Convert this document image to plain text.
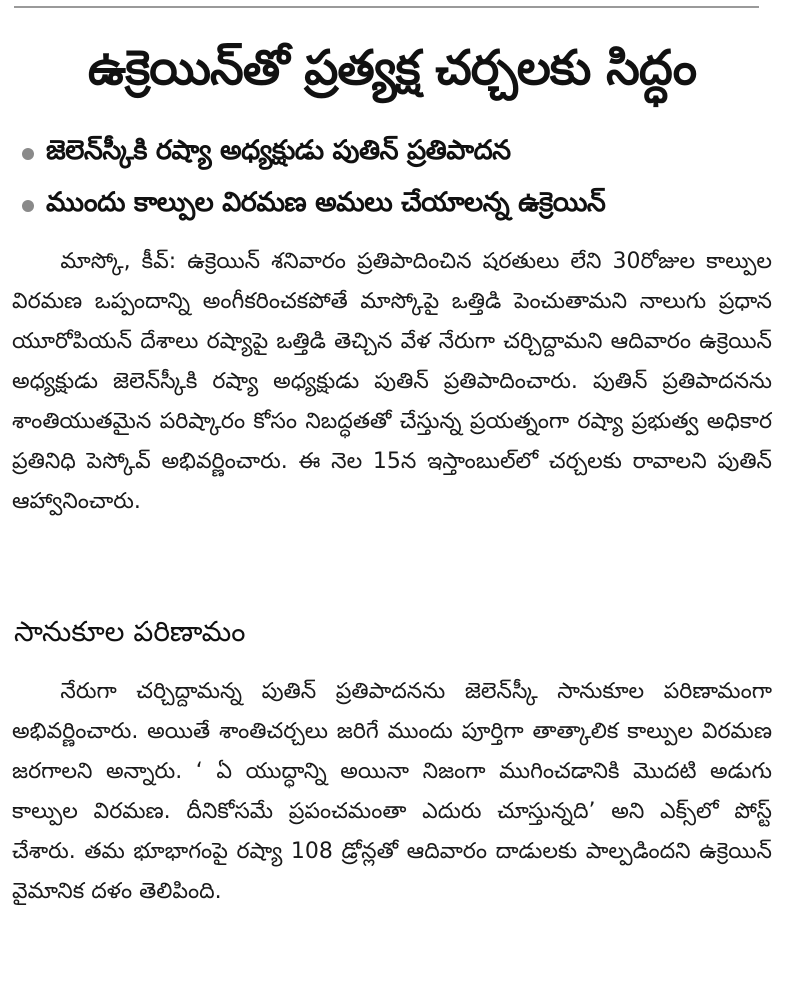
ఉక్రెయిన్‌తో ప్రత్యక్ష చర్చలకు సిద్ధం
జెలెన్‌స్కీకి రష్యా అధ్యక్షుడు పుతిన్ ప్రతిపాదన
ముందు కాల్పుల విరమణ అమలు చేయాలన్న ఉక్రెయిన్

మాస్కో, కీవ్: ఉక్రెయిన్ శనివారం ప్రతిపాదించిన షరతులు లేని 30రోజుల కాల్పుల విరమణ ఒప్పందాన్ని అంగీకరించకపోతే మాస్కోపై ఒత్తిడి పెంచుతామని నాలుగు ప్రధాన యూరోపియన్ దేశాలు రష్యాపై ఒత్తిడి తెచ్చిన వేళ నేరుగా చర్చిద్దామని ఆదివారం ఉక్రెయిన్ అధ్యక్షుడు జెలెన్‌స్కీకి రష్యా అధ్యక్షుడు పుతిన్ ప్రతిపాదించారు. పుతిన్ ప్రతిపాదనను శాంతియుతమైన పరిష్కారం కోసం నిబద్ధతతో చేస్తున్న ప్రయత్నంగా రష్యా ప్రభుత్వ అధికార ప్రతినిధి పెస్కోవ్ అభివర్ణించారు. ఈ నెల 15న ఇస్తాంబుల్‌లో చర్చలకు రావాలని పుతిన్ ఆహ్వానించారు.

సానుకూల పరిణామం

నేరుగా చర్చిద్దామన్న పుతిన్ ప్రతిపాదనను జెలెన్‌స్కీ సానుకూల పరిణామంగా అభివర్ణించారు. అయితే శాంతిచర్చలు జరిగే ముందు పూర్తిగా తాత్కాలిక కాల్పుల విరమణ జరగాలని అన్నారు. ‘ ఏ యుద్ధాన్ని అయినా నిజంగా ముగించడానికి మొదటి అడుగు కాల్పుల విరమణ. దీనికోసమే ప్రపంచమంతా ఎదురు చూస్తున్నది’ అని ఎక్స్‌లో పోస్ట్ చేశారు. తమ భూభాగంపై రష్యా 108 డ్రోన్లతో ఆదివారం దాడులకు పాల్పడిందని ఉక్రెయిన్ వైమానిక దళం తెలిపింది.
